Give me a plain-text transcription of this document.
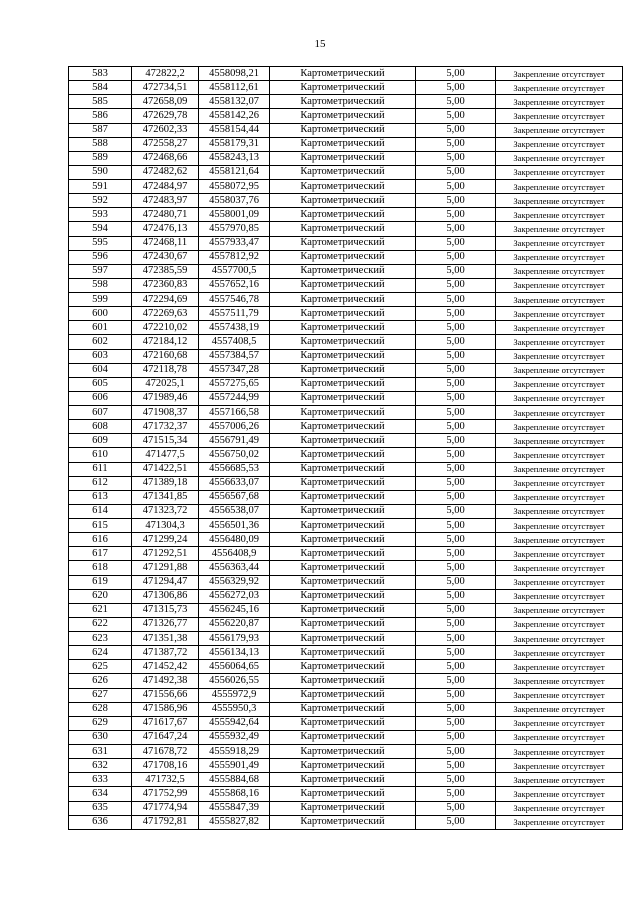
15
583	472822,2	4558098,21	Картометрический	5,00	Закрепление отсутствует
584	472734,51	4558112,61	Картометрический	5,00	Закрепление отсутствует
585	472658,09	4558132,07	Картометрический	5,00	Закрепление отсутствует
586	472629,78	4558142,26	Картометрический	5,00	Закрепление отсутствует
587	472602,33	4558154,44	Картометрический	5,00	Закрепление отсутствует
588	472558,27	4558179,31	Картометрический	5,00	Закрепление отсутствует
589	472468,66	4558243,13	Картометрический	5,00	Закрепление отсутствует
590	472482,62	4558121,64	Картометрический	5,00	Закрепление отсутствует
591	472484,97	4558072,95	Картометрический	5,00	Закрепление отсутствует
592	472483,97	4558037,76	Картометрический	5,00	Закрепление отсутствует
593	472480,71	4558001,09	Картометрический	5,00	Закрепление отсутствует
594	472476,13	4557970,85	Картометрический	5,00	Закрепление отсутствует
595	472468,11	4557933,47	Картометрический	5,00	Закрепление отсутствует
596	472430,67	4557812,92	Картометрический	5,00	Закрепление отсутствует
597	472385,59	4557700,5	Картометрический	5,00	Закрепление отсутствует
598	472360,83	4557652,16	Картометрический	5,00	Закрепление отсутствует
599	472294,69	4557546,78	Картометрический	5,00	Закрепление отсутствует
600	472269,63	4557511,79	Картометрический	5,00	Закрепление отсутствует
601	472210,02	4557438,19	Картометрический	5,00	Закрепление отсутствует
602	472184,12	4557408,5	Картометрический	5,00	Закрепление отсутствует
603	472160,68	4557384,57	Картометрический	5,00	Закрепление отсутствует
604	472118,78	4557347,28	Картометрический	5,00	Закрепление отсутствует
605	472025,1	4557275,65	Картометрический	5,00	Закрепление отсутствует
606	471989,46	4557244,99	Картометрический	5,00	Закрепление отсутствует
607	471908,37	4557166,58	Картометрический	5,00	Закрепление отсутствует
608	471732,37	4557006,26	Картометрический	5,00	Закрепление отсутствует
609	471515,34	4556791,49	Картометрический	5,00	Закрепление отсутствует
610	471477,5	4556750,02	Картометрический	5,00	Закрепление отсутствует
611	471422,51	4556685,53	Картометрический	5,00	Закрепление отсутствует
612	471389,18	4556633,07	Картометрический	5,00	Закрепление отсутствует
613	471341,85	4556567,68	Картометрический	5,00	Закрепление отсутствует
614	471323,72	4556538,07	Картометрический	5,00	Закрепление отсутствует
615	471304,3	4556501,36	Картометрический	5,00	Закрепление отсутствует
616	471299,24	4556480,09	Картометрический	5,00	Закрепление отсутствует
617	471292,51	4556408,9	Картометрический	5,00	Закрепление отсутствует
618	471291,88	4556363,44	Картометрический	5,00	Закрепление отсутствует
619	471294,47	4556329,92	Картометрический	5,00	Закрепление отсутствует
620	471306,86	4556272,03	Картометрический	5,00	Закрепление отсутствует
621	471315,73	4556245,16	Картометрический	5,00	Закрепление отсутствует
622	471326,77	4556220,87	Картометрический	5,00	Закрепление отсутствует
623	471351,38	4556179,93	Картометрический	5,00	Закрепление отсутствует
624	471387,72	4556134,13	Картометрический	5,00	Закрепление отсутствует
625	471452,42	4556064,65	Картометрический	5,00	Закрепление отсутствует
626	471492,38	4556026,55	Картометрический	5,00	Закрепление отсутствует
627	471556,66	4555972,9	Картометрический	5,00	Закрепление отсутствует
628	471586,96	4555950,3	Картометрический	5,00	Закрепление отсутствует
629	471617,67	4555942,64	Картометрический	5,00	Закрепление отсутствует
630	471647,24	4555932,49	Картометрический	5,00	Закрепление отсутствует
631	471678,72	4555918,29	Картометрический	5,00	Закрепление отсутствует
632	471708,16	4555901,49	Картометрический	5,00	Закрепление отсутствует
633	471732,5	4555884,68	Картометрический	5,00	Закрепление отсутствует
634	471752,99	4555868,16	Картометрический	5,00	Закрепление отсутствует
635	471774,94	4555847,39	Картометрический	5,00	Закрепление отсутствует
636	471792,81	4555827,82	Картометрический	5,00	Закрепление отсутствует
